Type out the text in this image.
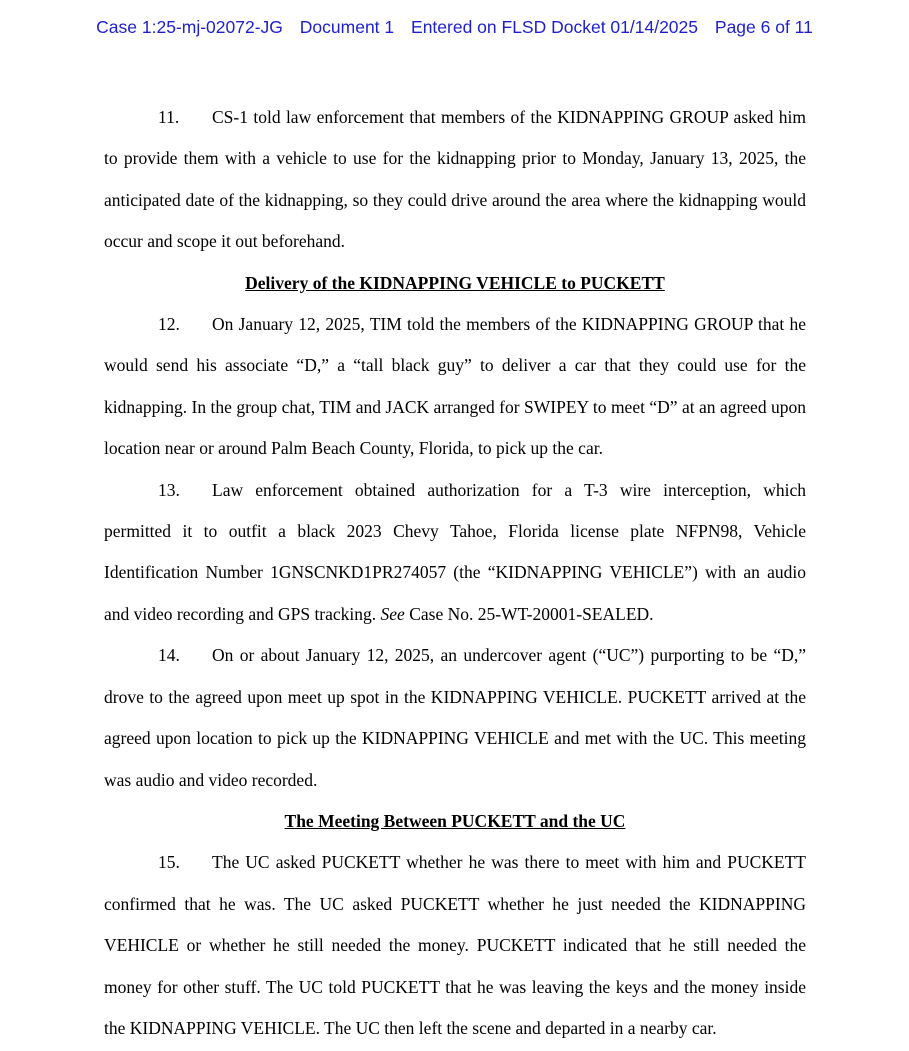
Case 1:25-mj-02072-JG Document 1 Entered on FLSD Docket 01/14/2025 Page 6 of 11

11. CS-1 told law enforcement that members of the KIDNAPPING GROUP asked him to provide them with a vehicle to use for the kidnapping prior to Monday, January 13, 2025, the anticipated date of the kidnapping, so they could drive around the area where the kidnapping would occur and scope it out beforehand.

Delivery of the KIDNAPPING VEHICLE to PUCKETT

12. On January 12, 2025, TIM told the members of the KIDNAPPING GROUP that he would send his associate “D,” a “tall black guy” to deliver a car that they could use for the kidnapping. In the group chat, TIM and JACK arranged for SWIPEY to meet “D” at an agreed upon location near or around Palm Beach County, Florida, to pick up the car.

13. Law enforcement obtained authorization for a T-3 wire interception, which permitted it to outfit a black 2023 Chevy Tahoe, Florida license plate NFPN98, Vehicle Identification Number 1GNSCNKD1PR274057 (the “KIDNAPPING VEHICLE”) with an audio and video recording and GPS tracking. See Case No. 25-WT-20001-SEALED.

14. On or about January 12, 2025, an undercover agent (“UC”) purporting to be “D,” drove to the agreed upon meet up spot in the KIDNAPPING VEHICLE. PUCKETT arrived at the agreed upon location to pick up the KIDNAPPING VEHICLE and met with the UC. This meeting was audio and video recorded.

The Meeting Between PUCKETT and the UC

15. The UC asked PUCKETT whether he was there to meet with him and PUCKETT confirmed that he was. The UC asked PUCKETT whether he just needed the KIDNAPPING VEHICLE or whether he still needed the money. PUCKETT indicated that he still needed the money for other stuff. The UC told PUCKETT that he was leaving the keys and the money inside the KIDNAPPING VEHICLE. The UC then left the scene and departed in a nearby car.
